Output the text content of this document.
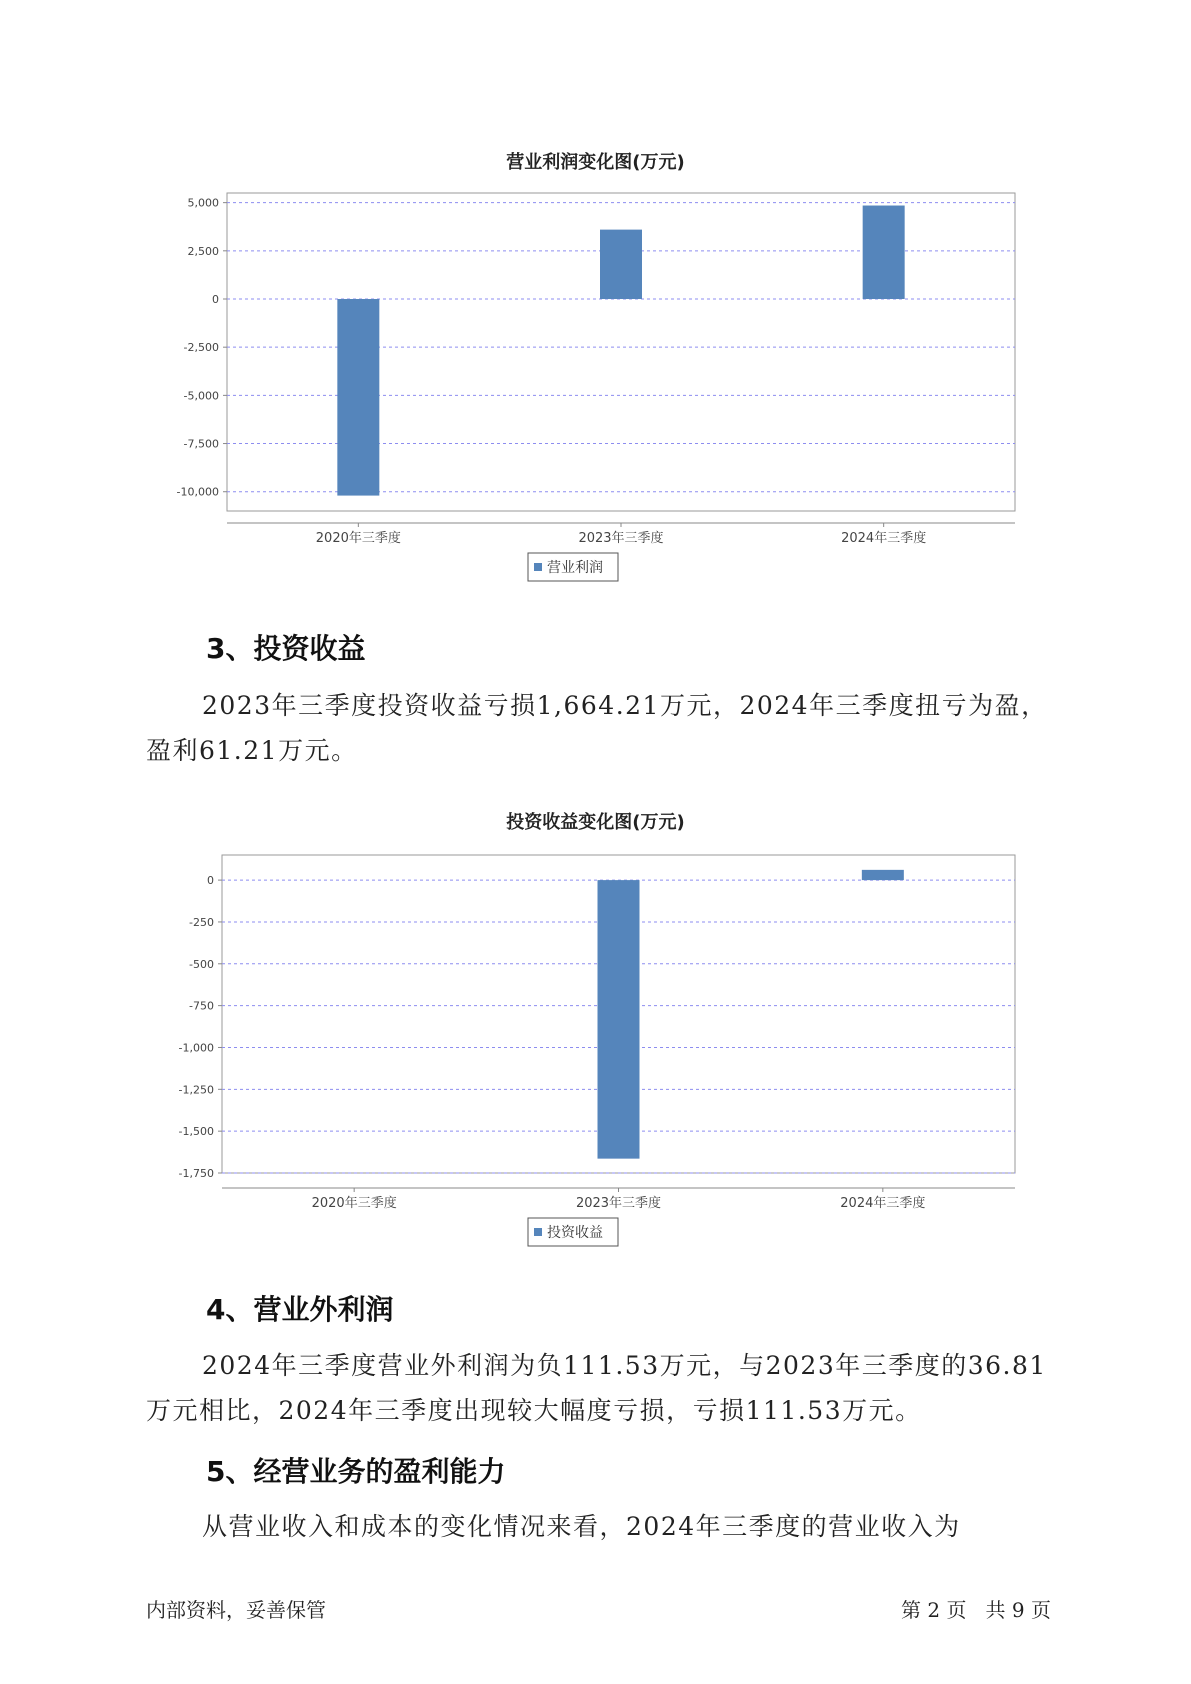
营业利润变化图(万元)
5,000
2,500
0
-2,500
-5,000
-7,500
-10,000
2020年三季度	2023年三季度	2024年三季度
营业利润
3、投资收益

2023年三季度投资收益亏损1,664.21万元，2024年三季度扭亏为盈，盈利61.21万元。

投资收益变化图(万元)
0
-250
-500
-750
-1,000
-1,250
-1,500
-1,750
2020年三季度	2023年三季度	2024年三季度
投资收益
4、营业外利润

2024年三季度营业外利润为负111.53万元，与2023年三季度的36.81万元相比，2024年三季度出现较大幅度亏损，亏损111.53万元。

5、经营业务的盈利能力

从营业收入和成本的变化情况来看，2024年三季度的营业收入为

内部资料，妥善保管	第 2 页   共 9 页
